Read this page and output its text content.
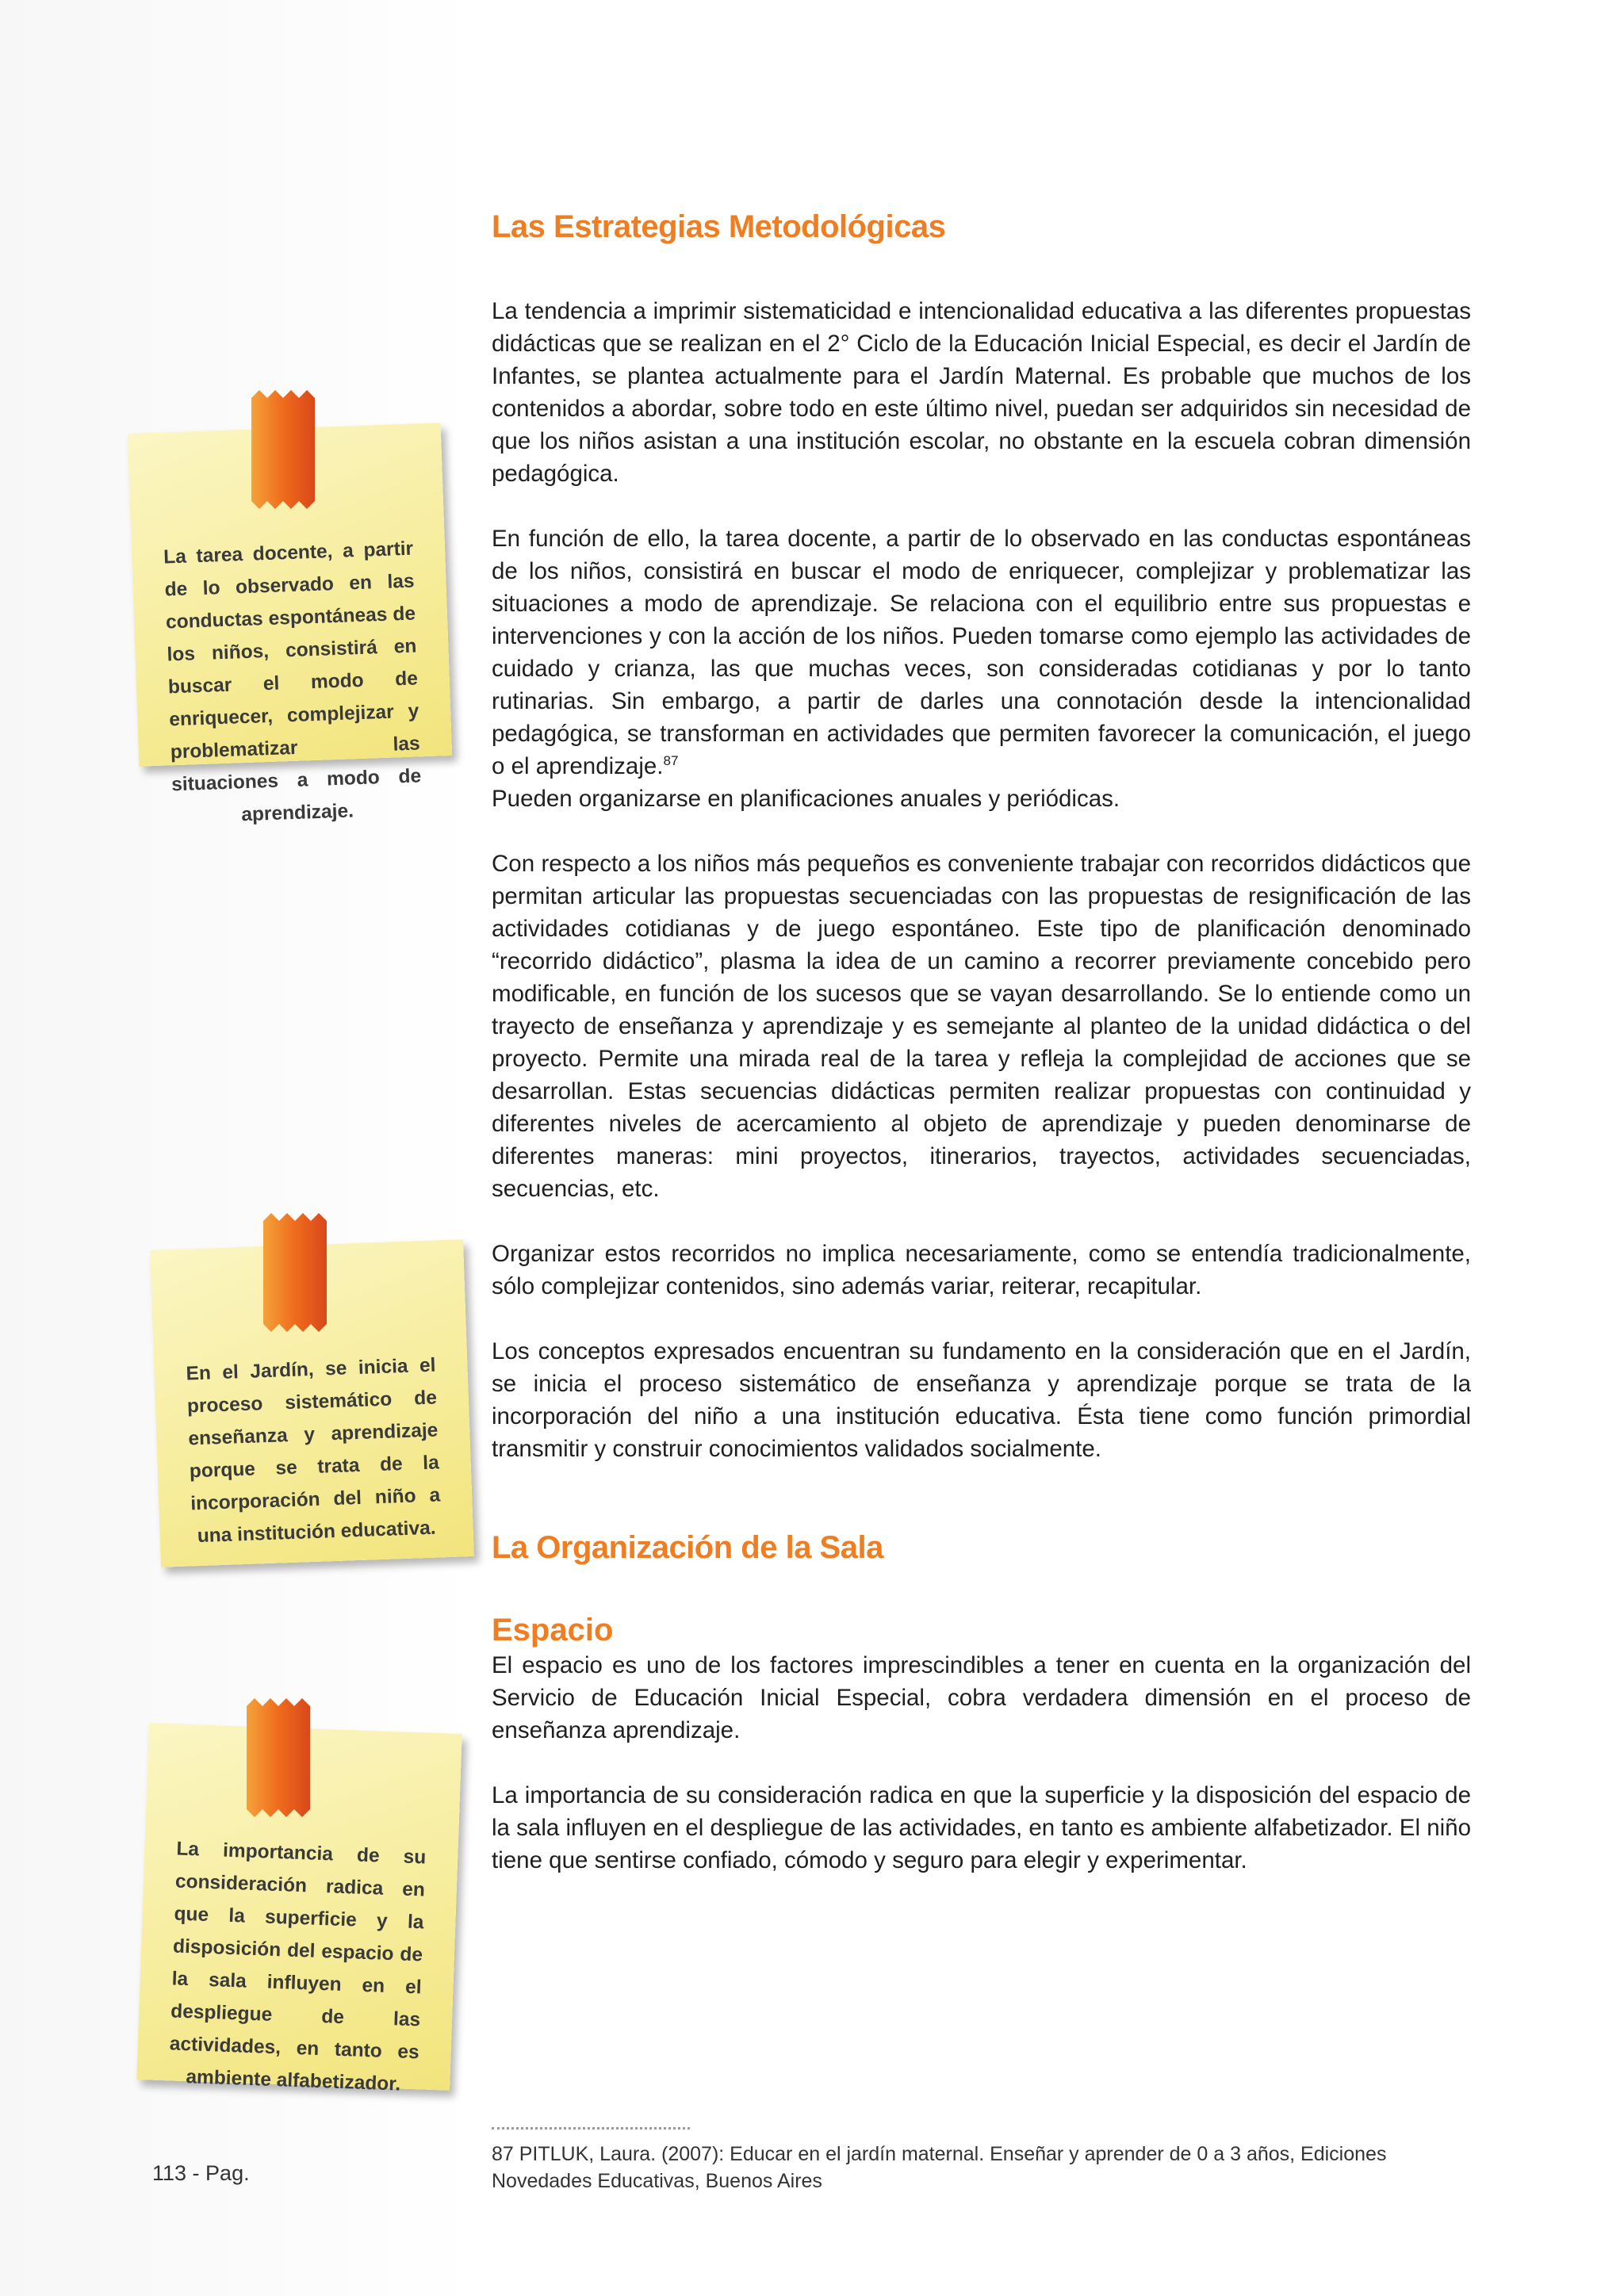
La tarea docente, a partir de lo observado en las conductas espontáneas de los niños, consistirá en buscar el modo de enriquecer, complejizar y problematizar las situaciones a modo de aprendizaje.

En el Jardín, se inicia el proceso sistemático de enseñanza y aprendizaje porque se trata de la incorporación del niño a una institución educativa.

La importancia de su consideración radica en que la superficie y la disposición del espacio de la sala influyen en el despliegue de las actividades, en tanto es ambiente alfabetizador.

Las Estrategias Metodológicas

La tendencia a imprimir sistematicidad e intencionalidad educativa a las diferentes propuestas didácticas que se realizan en el 2° Ciclo de la Educación Inicial Especial, es decir el Jardín de Infantes, se plantea actualmente para el Jardín Maternal. Es probable que muchos de los contenidos a abordar, sobre todo en este último nivel, puedan ser adquiridos sin necesidad de que los niños asistan a una institución escolar, no obstante en la escuela cobran dimensión pedagógica.

En función de ello, la tarea docente, a partir de lo observado en las conductas espontáneas de los niños, consistirá en buscar el modo de enriquecer, complejizar y problematizar las situaciones a modo de aprendizaje. Se relaciona con el equilibrio entre sus propuestas e intervenciones y con la acción de los niños. Pueden tomarse como ejemplo las actividades de cuidado y crianza, las que muchas veces, son consideradas cotidianas y por lo tanto rutinarias. Sin embargo, a partir de darles una connotación desde la intencionalidad pedagógica, se transforman en actividades que permiten favorecer la comunicación, el juego o el aprendizaje.$^{87}$
Pueden organizarse en planificaciones anuales y periódicas.

Con respecto a los niños más pequeños es conveniente trabajar con recorridos didácticos que permitan articular las propuestas secuenciadas con las propuestas de resignificación de las actividades cotidianas y de juego espontáneo. Este tipo de planificación denominado “recorrido didáctico”, plasma la idea de un camino a recorrer previamente concebido pero modificable, en función de los sucesos que se vayan desarrollando. Se lo entiende como un trayecto de enseñanza y aprendizaje y es semejante al planteo de la unidad didáctica o del proyecto. Permite una mirada real de la tarea y refleja la complejidad de acciones que se desarrollan. Estas secuencias didácticas permiten realizar propuestas con continuidad y diferentes niveles de acercamiento al objeto de aprendizaje y pueden denominarse de diferentes maneras: mini proyectos, itinerarios, trayectos, actividades secuenciadas, secuencias, etc.

Organizar estos recorridos no implica necesariamente, como se entendía tradicionalmente, sólo complejizar contenidos, sino además variar, reiterar, recapitular.

Los conceptos expresados encuentran su fundamento en la consideración que en el Jardín, se inicia el proceso sistemático de enseñanza y aprendizaje porque se trata de la incorporación del niño a una institución educativa. Ésta tiene como función primordial transmitir y construir conocimientos validados socialmente.

La Organización de la Sala
Espacio

El espacio es uno de los factores imprescindibles a tener en cuenta en la organización del Servicio de Educación Inicial Especial, cobra verdadera dimensión en el proceso de enseñanza aprendizaje.

La importancia de su consideración radica en que la superficie y la disposición del espacio de la sala influyen en el despliegue de las actividades, en tanto es ambiente alfabetizador. El niño tiene que sentirse confiado, cómodo y seguro para elegir y experimentar.

87 PITLUK, Laura. (2007): Educar en el jardín maternal. Enseñar y aprender de 0 a 3 años, Ediciones Novedades Educativas, Buenos Aires

113 - Pag.
